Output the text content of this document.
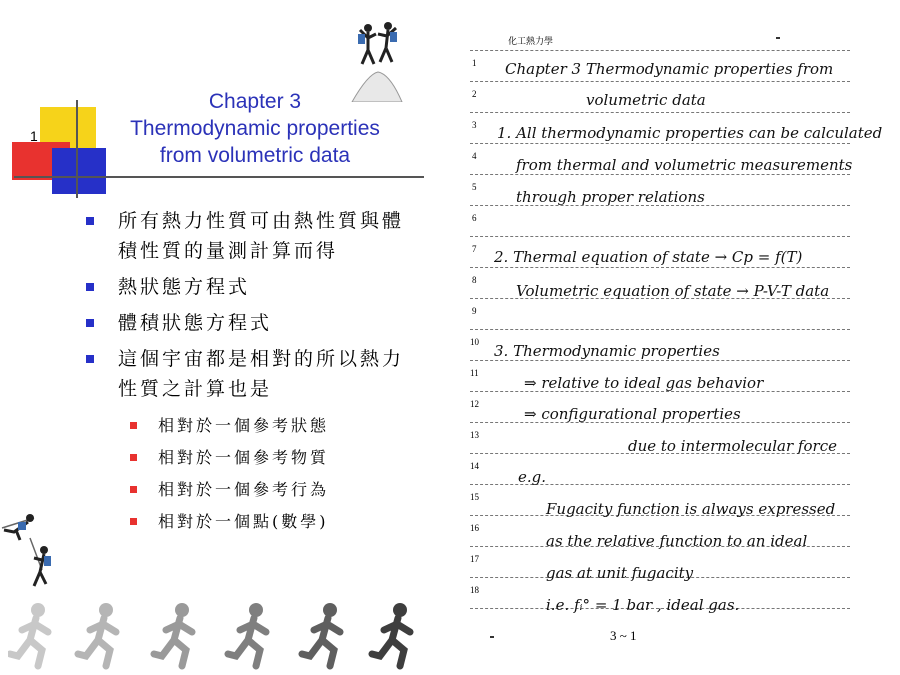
1
Chapter 3
Thermodynamic properties
from volumetric data
所有熱力性質可由熱性質與體積性質的量測計算而得
熱狀態方程式
體積狀態方程式
這個宇宙都是相對的所以熱力性質之計算也是
相對於一個參考狀態
相對於一個參考物質
相對於一個參考行為
相對於一個點(數學)
化工熱力學
1
2
3
4
5
6
7
8
9
10
11
12
13
14
15
16
17
18
Chapter 3 Thermodynamic properties from
volumetric data
1. All thermodynamic properties can be calculated
from thermal and volumetric measurements
through proper relations
2. Thermal equation of state → Cp = f(T)
Volumetric equation of state → P-V-T data
3. Thermodynamic properties
⇒ relative to ideal gas behavior
⇒ configurational properties
due to intermolecular force
e.g.
Fugacity function is always expressed
as the relative function to an ideal
gas at unit fugacity
i.e. fᵢ° = 1 bar , ideal gas.
3 ~ 1
